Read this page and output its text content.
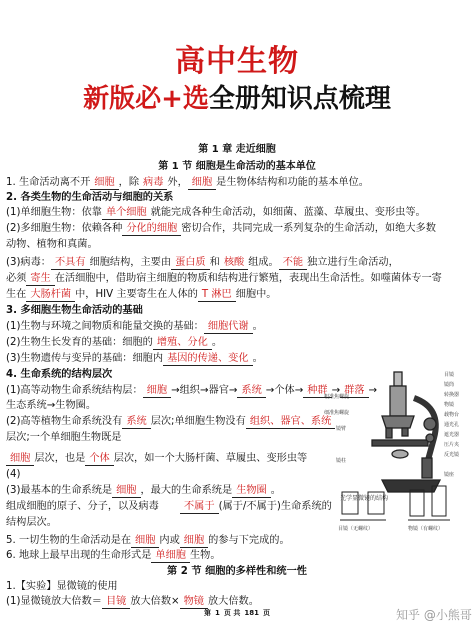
高中生物
新版必+选全册知识点梳理
第 1 章 走近细胞
第 1 节 细胞是生命活动的基本单位
1. 生命活动离不开 细胞 ，除 病毒 外， 细胞 是生物体结构和功能的基本单位。
2. 各类生物的生命活动与细胞的关系
(1)单细胞生物：依靠 单个细胞 就能完成各种生命活动，如细菌、蓝藻、草履虫、变形虫等。
(2)多细胞生物：依赖各种 分化的细胞 密切合作，共同完成一系列复杂的生命活动，如绝大多数
动物、植物和真菌。
(3)病毒： 不具有 细胞结构，主要由 蛋白质 和 核酸 组成。 不能 独立进行生命活动，
必须 寄生 在活细胞中，借助宿主细胞的物质和结构进行繁殖，表现出生命活性。如噬菌体专一寄
生在 大肠杆菌 中，HIV 主要寄生在人体的 T 淋巴 细胞中。
3. 多细胞生物生命活动的基础
(1)生物与环境之间物质和能量交换的基础： 细胞代谢 。
(2)生物生长发育的基础：细胞的 增殖、分化 。
(3)生物遗传与变异的基础：细胞内 基因的传递、变化 。
4. 生命系统的结构层次
(1)高等动物生命系统结构层： 细胞 →组织→器官→ 系统 →个体→ 种群 → 群落 →
生态系统→生物圈。
(2)高等植物生命系统没有 系统 层次;单细胞生物没有 组织、器官、系统
层次;一个单细胞生物既是
细胞 层次，也是 个体 层次，如一个大肠杆菌、草履虫、变形虫等
(4)
(3)最基本的生命系统是 细胞 ，最大的生命系统是 生物圈 。
组成细胞的原子、分子，以及病毒	不属于 (属于/不属于)生命系统的
结构层次。
5. 一切生物的生命活动是在 细胞 内或 细胞 的参与下完成的。
6. 地球上最早出现的生命形式是 单细胞 生物。
第 2 节 细胞的多样性和统一性
1.【实验】显微镜的使用
(1)显微镜放大倍数＝ 目镜 放大倍数× 物镜 放大倍数。
粗准焦螺旋
细准焦螺旋
镜臂
镜柱
目镜
镜筒
转换器
物镜
载物台
通光孔
遮光器
压片夹
反光镜
镜座
目镜（无螺纹）	物镜（有螺纹）
光学显微镜的结构
第 1 页 共 181 页	知乎 @小熊哥
